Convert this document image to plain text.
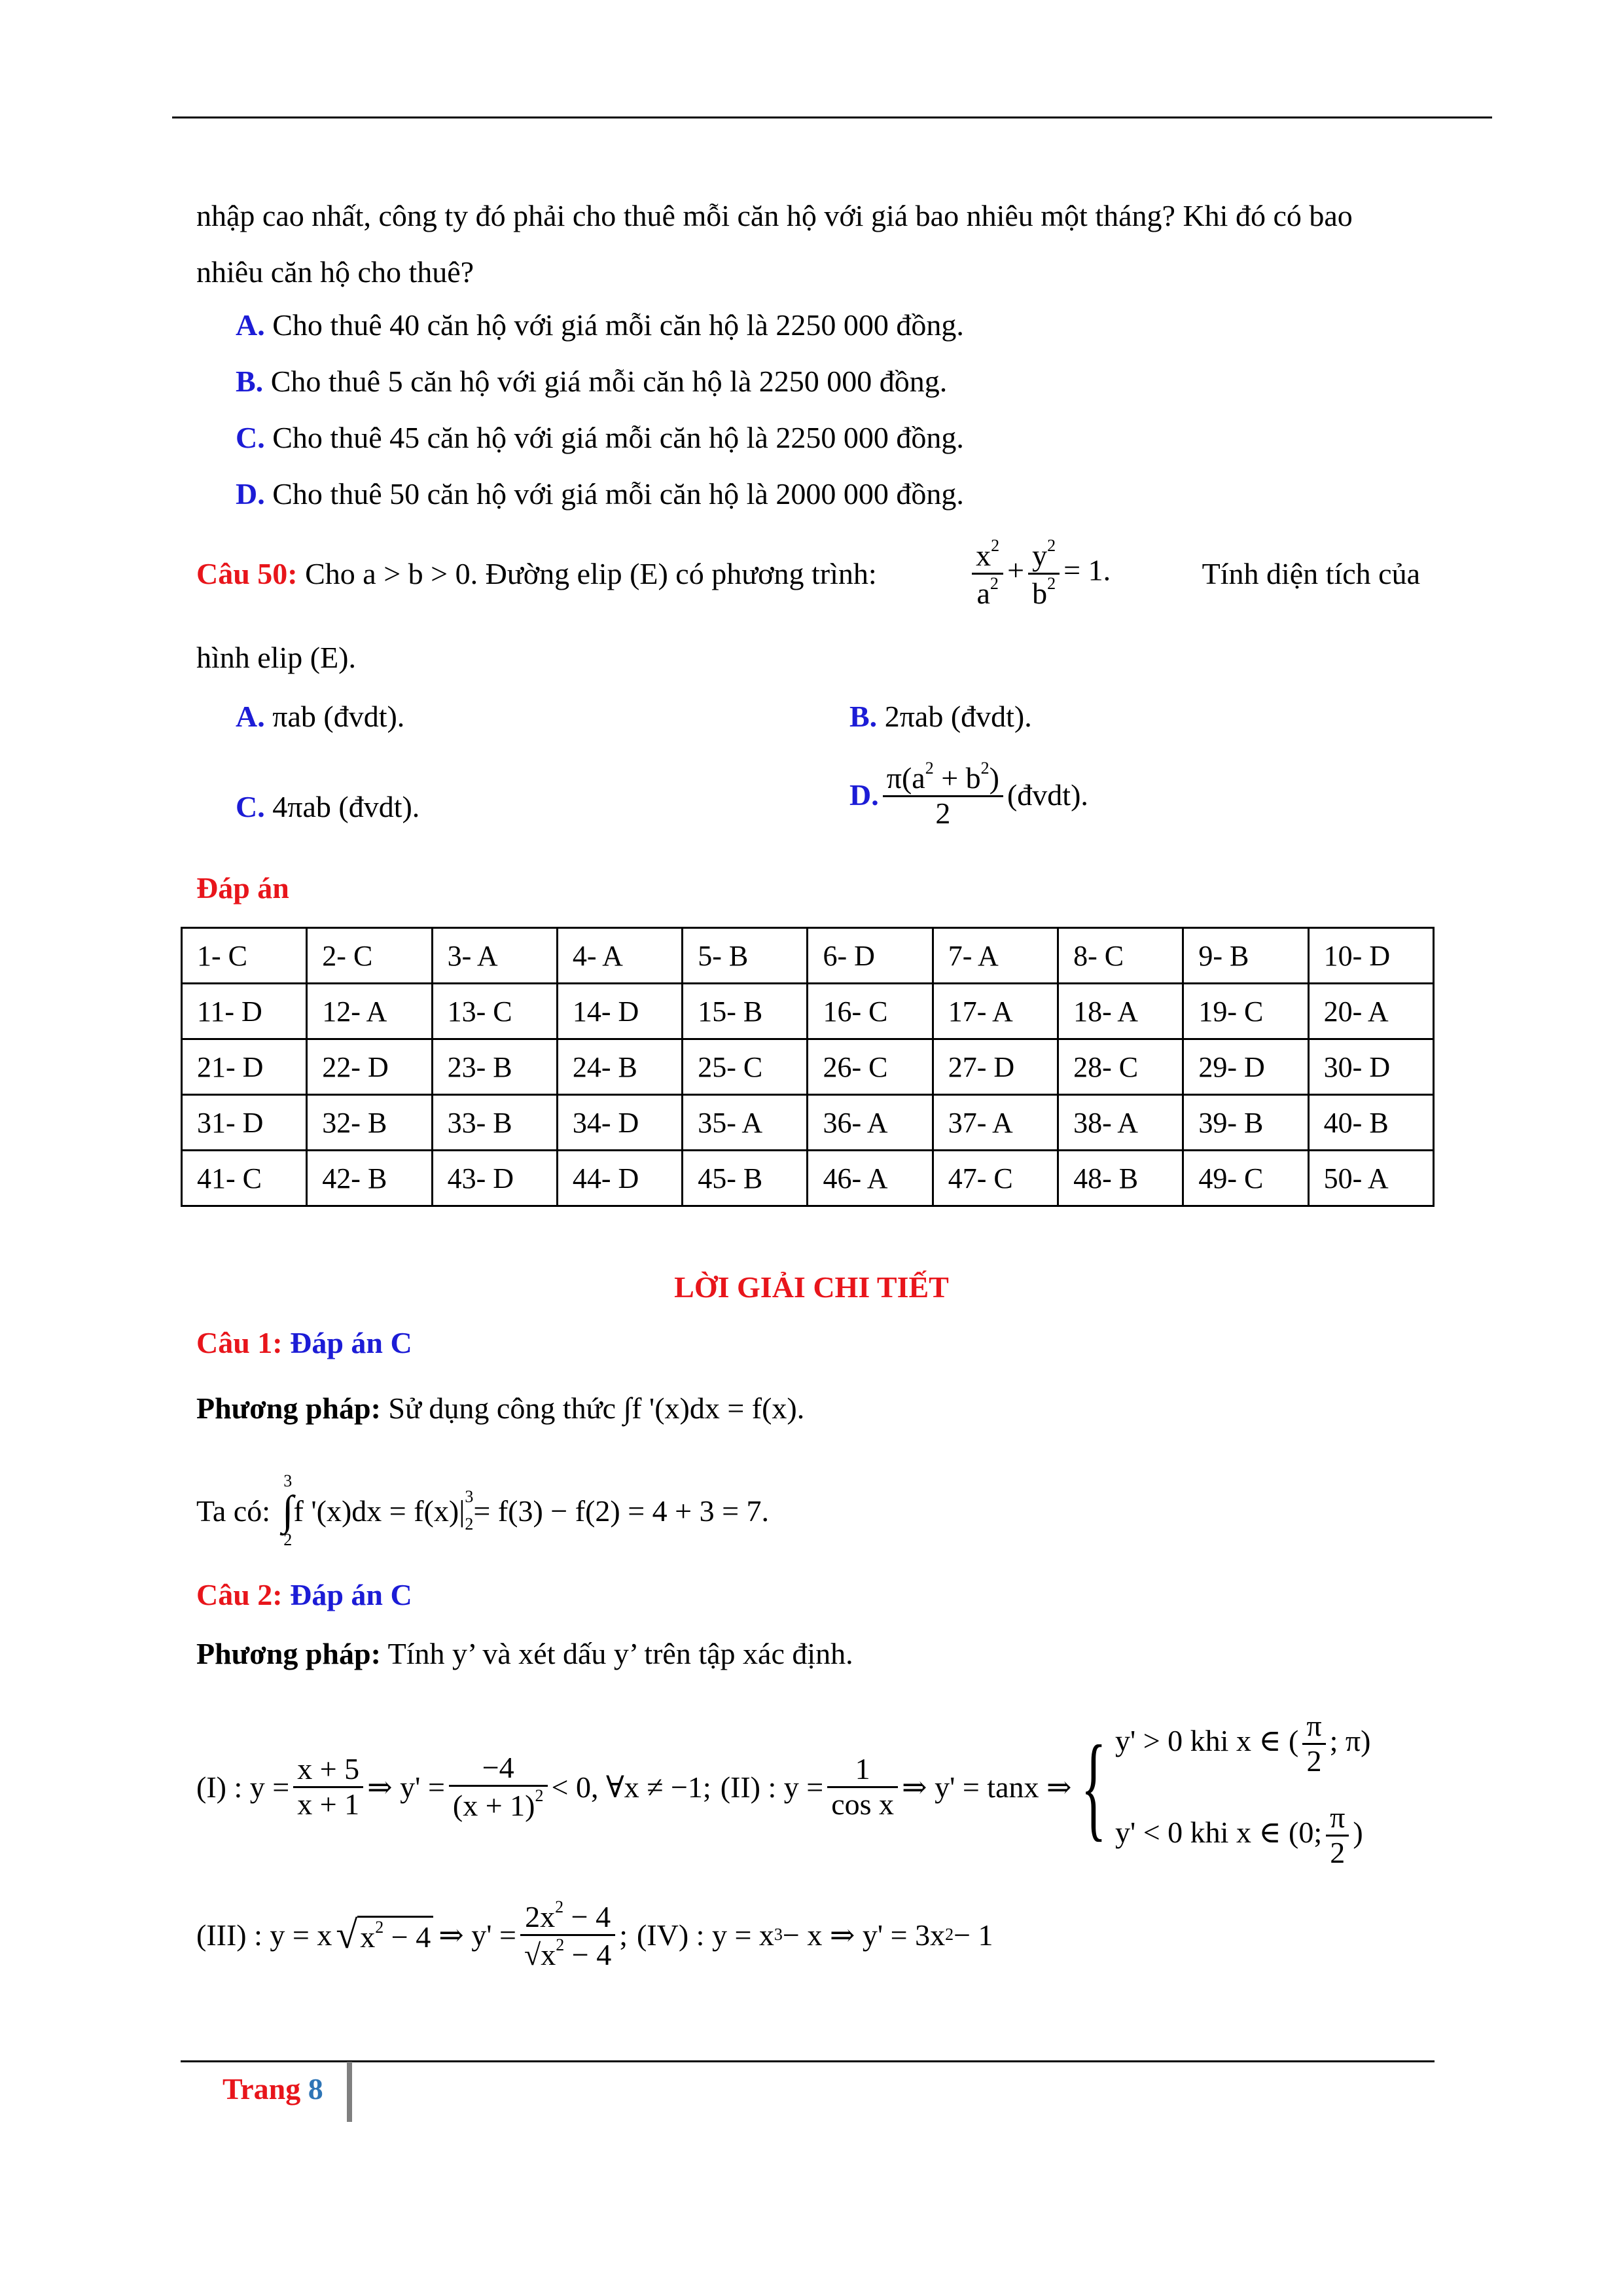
nhập cao nhất, công ty đó phải cho thuê mỗi căn hộ với giá bao nhiêu một tháng? Khi đó có bao nhiêu căn hộ cho thuê?
A. Cho thuê 40 căn hộ với giá mỗi căn hộ là 2250 000 đồng.
B. Cho thuê 5 căn hộ với giá mỗi căn hộ là 2250 000 đồng.
C. Cho thuê 45 căn hộ với giá mỗi căn hộ là 2250 000 đồng.
D. Cho thuê 50 căn hộ với giá mỗi căn hộ là 2000 000 đồng.
Câu 50: Cho a > b > 0. Đường elip (E) có phương trình:	$\frac{x^2}{a^2} + \frac{y^2}{b^2} = 1$.	Tính diện tích của
hình elip (E).
A. πab (đvdt).	B. 2πab (đvdt).
C. 4πab (đvdt).	D. $\frac{\pi(a^2 + b^2)}{2}$ (đvdt).
Đáp án
1- C	2- C	3- A	4- A	5- B	6- D	7- A	8- C	9- B	10- D
11- D	12- A	13- C	14- D	15- B	16- C	17- A	18- A	19- C	20- A
21- D	22- D	23- B	24- B	25- C	26- C	27- D	28- C	29- D	30- D
31- D	32- B	33- B	34- D	35- A	36- A	37- A	38- A	39- B	40- B
41- C	42- B	43- D	44- D	45- B	46- A	47- C	48- B	49- C	50- A
LỜI GIẢI CHI TIẾT
Câu 1: Đáp án C
Phương pháp: Sử dụng công thức ∫f '(x)dx = f(x).
Ta có:
3
∫
2
f '(x)dx = f(x)| 3
2 = f(3) − f(2) = 4 + 3 = 7.
Câu 2: Đáp án C
Phương pháp: Tính y’ và xét dấu y’ trên tập xác định.
(I) : $y = \frac{x + 5}{x + 1}$ ⇒ $y' = \frac{-4}{(x + 1)^2} < 0$, ∀x ≠ −1; (II) : $y = \frac{1}{\text{cos x}}$ ⇒ y' = tanx ⇒ { y' > 0 khi x ∈ ( $\frac{\pi}{2}$ ; π)
y' < 0 khi x ∈ (0; $\frac{\pi}{2}$ )
(III) : y = x √ $x^2 - 4$ ⇒ $y' = \frac{2x^2 - 4}{√x^2 - 4}$ ; (IV) : y = x 3 − x ⇒ y' = 3x 2 − 1
Trang 8
